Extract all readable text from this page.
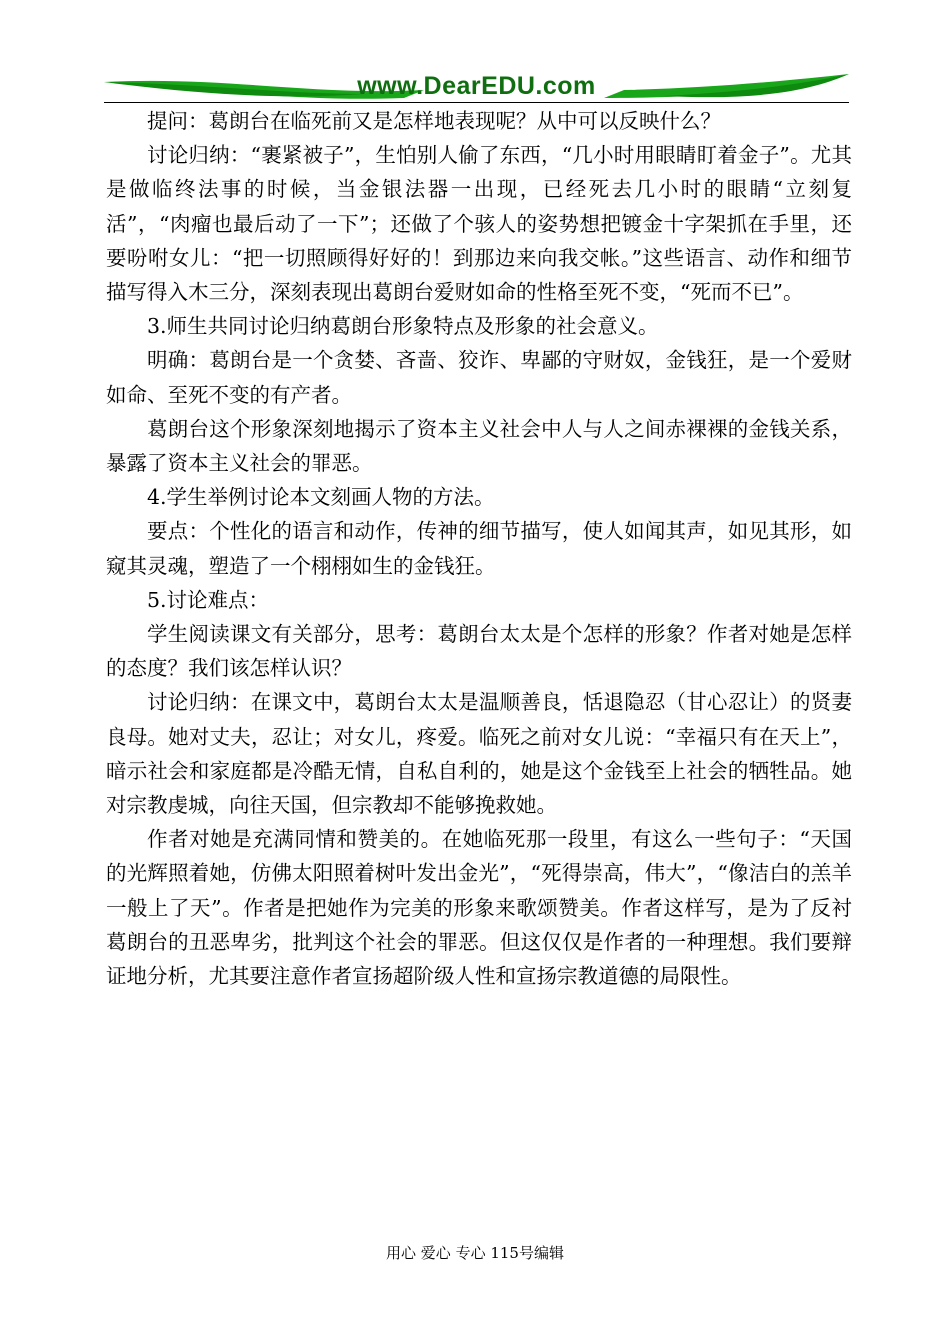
www.DearEDU.com

提问：葛朗台在临死前又是怎样地表现呢？从中可以反映什么？

讨论归纳：“裹紧被子”，生怕别人偷了东西，“几小时用眼睛盯着金子”。尤其是做临终法事的时候，当金银法器一出现，已经死去几小时的眼睛“立刻复活”，“肉瘤也最后动了一下”；还做了个骇人的姿势想把镀金十字架抓在手里，还要吩咐女儿：“把一切照顾得好好的！到那边来向我交帐。”这些语言、动作和细节描写得入木三分，深刻表现出葛朗台爱财如命的性格至死不变，“死而不已”。

3.师生共同讨论归纳葛朗台形象特点及形象的社会意义。

明确：葛朗台是一个贪婪、吝啬、狡诈、卑鄙的守财奴，金钱狂，是一个爱财如命、至死不变的有产者。

葛朗台这个形象深刻地揭示了资本主义社会中人与人之间赤裸裸的金钱关系，暴露了资本主义社会的罪恶。

4.学生举例讨论本文刻画人物的方法。

要点：个性化的语言和动作，传神的细节描写，使人如闻其声，如见其形，如窥其灵魂，塑造了一个栩栩如生的金钱狂。

5.讨论难点：

学生阅读课文有关部分，思考：葛朗台太太是个怎样的形象？作者对她是怎样的态度？我们该怎样认识？

讨论归纳：在课文中，葛朗台太太是温顺善良，恬退隐忍（甘心忍让）的贤妻良母。她对丈夫，忍让；对女儿，疼爱。临死之前对女儿说：“幸福只有在天上”，暗示社会和家庭都是冷酷无情，自私自利的，她是这个金钱至上社会的牺牲品。她对宗教虔城，向往天国，但宗教却不能够挽救她。

作者对她是充满同情和赞美的。在她临死那一段里，有这么一些句子：“天国的光辉照着她，仿佛太阳照着树叶发出金光”，“死得崇高，伟大”，“像洁白的羔羊一般上了天”。作者是把她作为完美的形象来歌颂赞美。作者这样写，是为了反衬葛朗台的丑恶卑劣，批判这个社会的罪恶。但这仅仅是作者的一种理想。我们要辩证地分析，尤其要注意作者宣扬超阶级人性和宣扬宗教道德的局限性。

用心 爱心 专心 115号编辑
